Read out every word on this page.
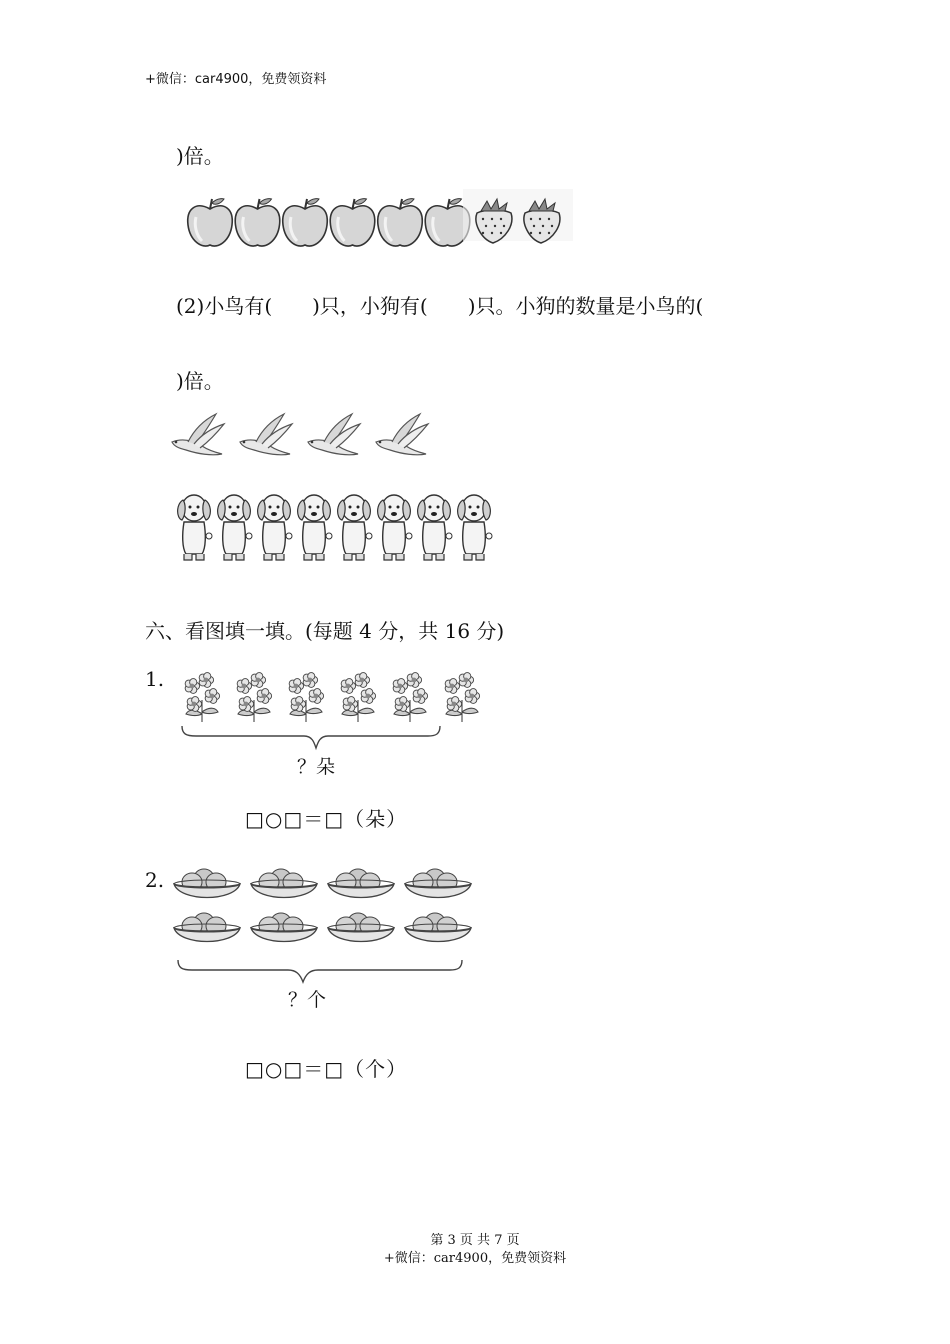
+微信：car4900，免费领资料
)倍。
(2)小鸟有(　　)只，小狗有(　　)只。小狗的数量是小鸟的(
)倍。
六、看图填一填。(每题 4 分，共 16 分)
1.
？朵
□○□＝□（朵）
2.
？个
□○□＝□（个）
第 3 页 共 7 页
+微信：car4900，免费领资料
